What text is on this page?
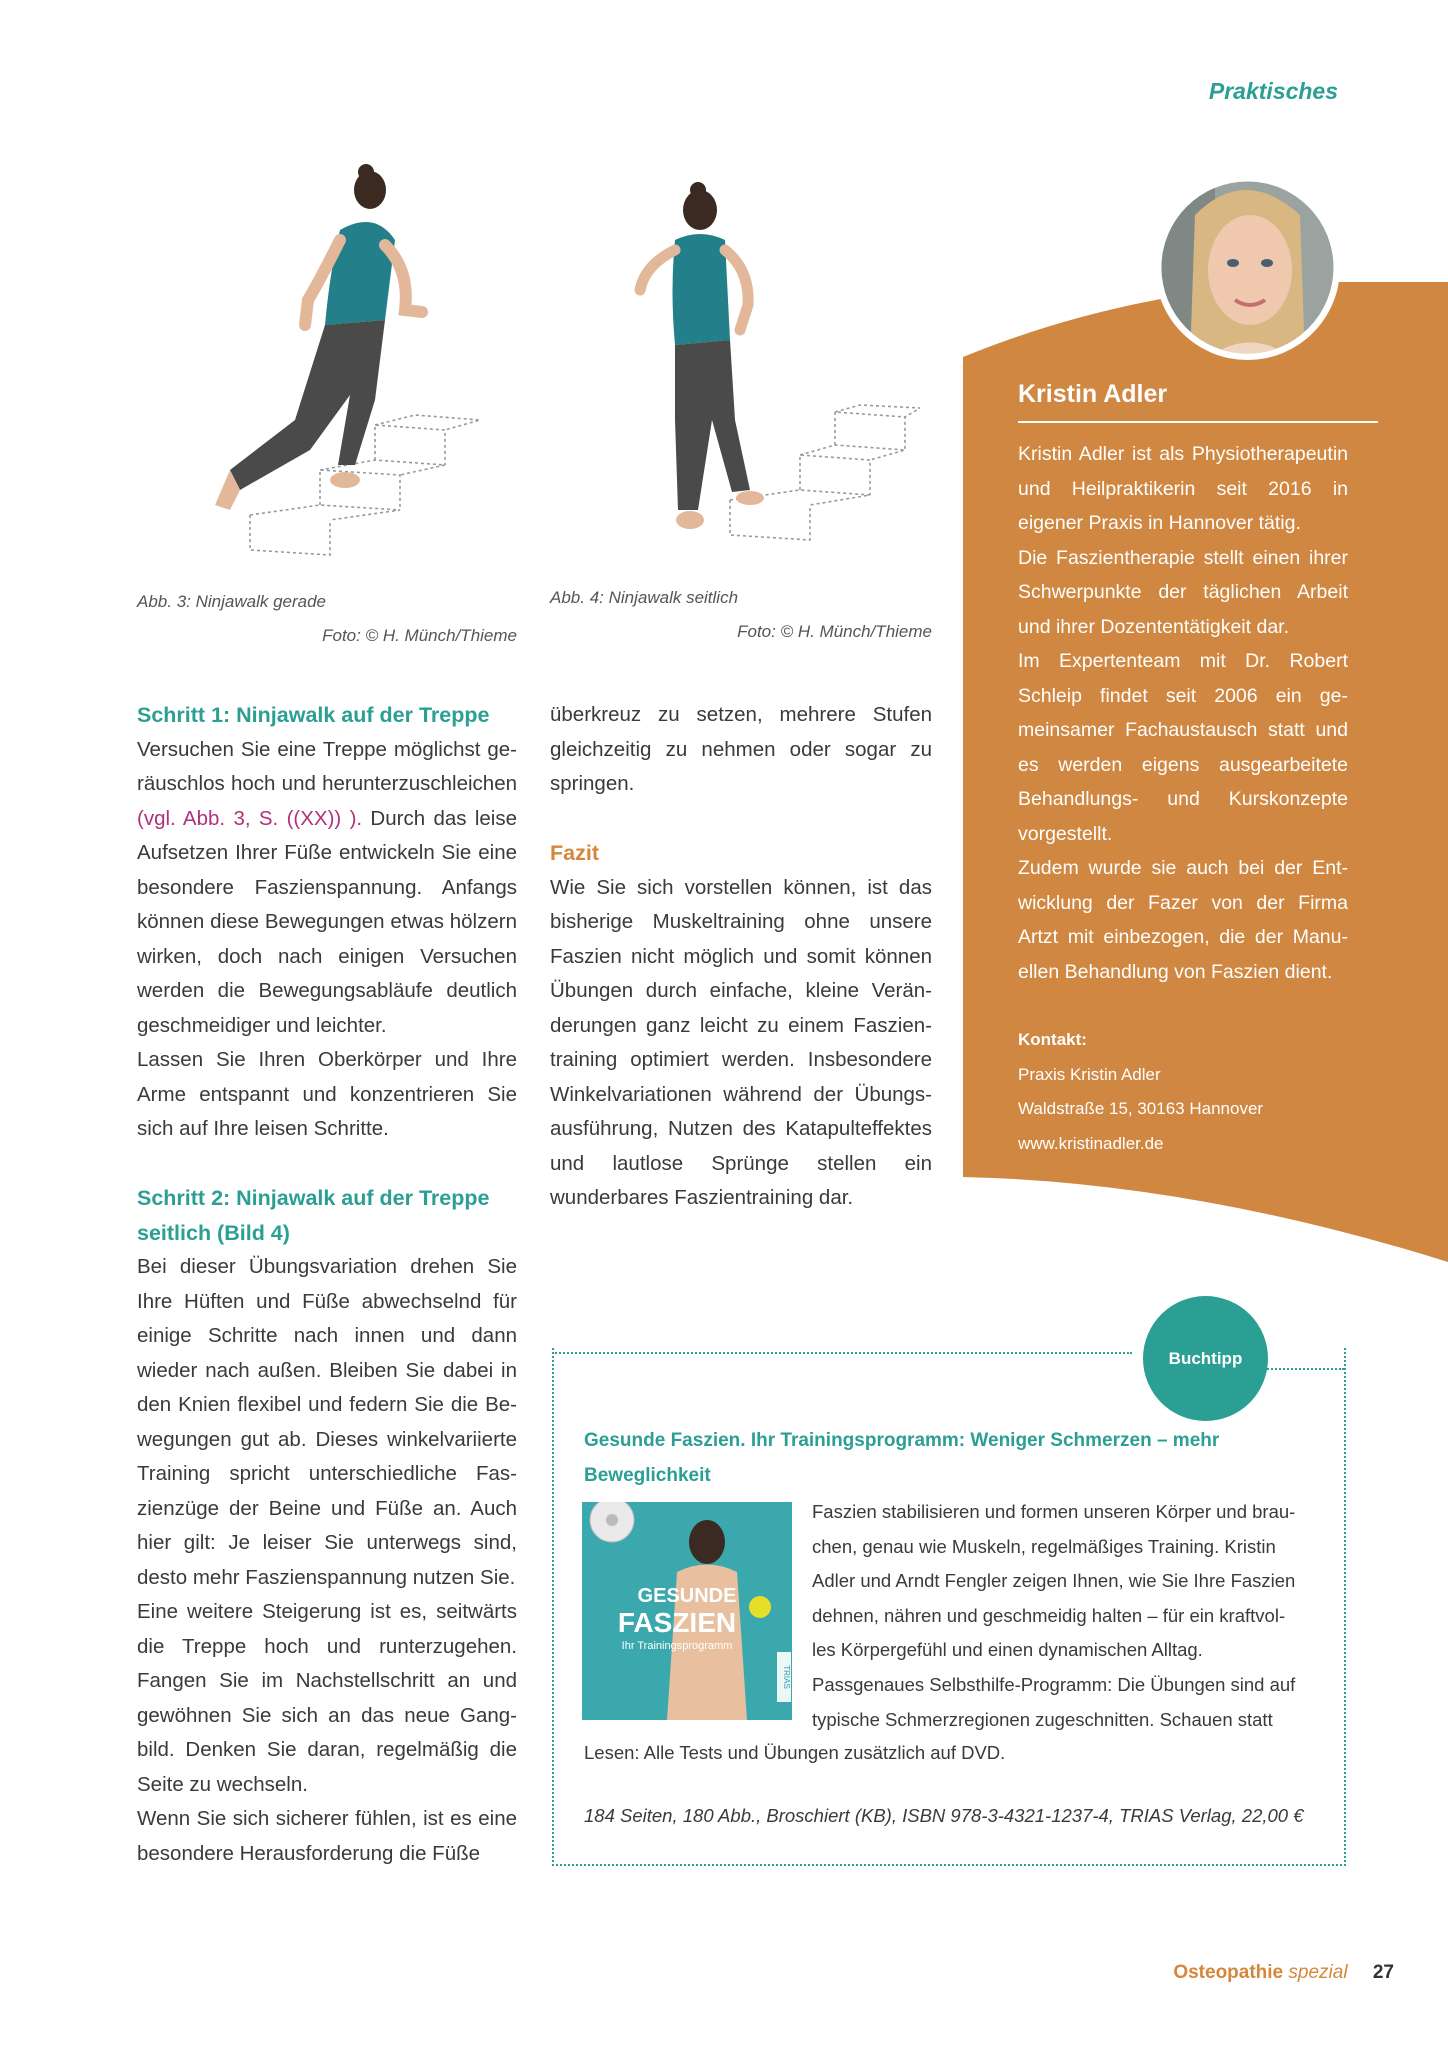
Praktisches
Abb. 3: Ninjawalk gerade
Foto: © H. Münch/Thieme
Abb. 4: Ninjawalk seitlich
Foto: © H. Münch/Thieme
Schritt 1: Ninjawalk auf der Treppe

Versuchen Sie eine Treppe möglichst geräuschlos hoch und herunterzuschleichen (vgl. Abb. 3, S. ((XX)) ). Durch das leise Aufsetzen Ihrer Füße entwickeln Sie eine besondere Faszienspannung. Anfangs können diese Bewegungen etwas hölzern wirken, doch nach einigen Versuchen werden die Bewegungsabläufe deutlich geschmeidiger und leichter.

Lassen Sie Ihren Oberkörper und Ihre Arme entspannt und konzentrieren Sie sich auf Ihre leisen Schritte.

Schritt 2: Ninjawalk auf der Treppe seitlich (Bild 4)

Bei dieser Übungsvariation drehen Sie Ihre Hüften und Füße abwechselnd für einige Schritte nach innen und dann wieder nach außen. Bleiben Sie dabei in den Knien flexibel und federn Sie die Bewegungen gut ab. Dieses winkelvariierte Training spricht unterschiedliche Faszienzüge der Beine und Füße an. Auch hier gilt: Je leiser Sie unterwegs sind, desto mehr Faszienspannung nutzen Sie.

Eine weitere Steigerung ist es, seitwärts die Treppe hoch und runterzugehen. Fangen Sie im Nachstellschritt an und gewöhnen Sie sich an das neue Gangbild. Denken Sie daran, regelmäßig die Seite zu wechseln.

Wenn Sie sich sicherer fühlen, ist es eine besondere Herausforderung die Füße

überkreuz zu setzen, mehrere Stufen gleichzeitig zu nehmen oder sogar zu springen.

Fazit

Wie Sie sich vorstellen können, ist das bisherige Muskeltraining ohne unsere Faszien nicht möglich und somit können Übungen durch einfache, kleine Veränderungen ganz leicht zu einem Faszientraining optimiert werden. Insbesondere Winkelvariationen während der Übungsausführung, Nutzen des Katapulteffektes und lautlose Sprünge stellen ein wunderbares Faszientraining dar.

Kristin Adler
Kristin Adler ist als Physiotherapeutin und Heilpraktikerin seit 2016 in eigener Praxis in Hannover tätig.
Die Faszientherapie stellt einen ihrer Schwerpunkte der täglichen Arbeit und ihrer Dozententätigkeit dar.
Im Expertenteam mit Dr. Robert Schleip findet seit 2006 ein gemeinsamer Fachaustausch statt und es werden eigens ausgearbeitete Behandlungs- und Kurskonzepte vorgestellt.
Zudem wurde sie auch bei der Entwicklung der Fazer von der Firma Artzt mit einbezogen, die der Manuellen Behandlung von Faszien dient.
Kontakt:
Praxis Kristin Adler
Waldstraße 15, 30163 Hannover
www.kristinadler.de
Buchtipp
Gesunde Faszien. Ihr Trainingsprogramm: Weniger Schmerzen – mehr Beweglichkeit
GESUNDE
FASZIEN
Ihr Trainingsprogramm
TRIAS
Faszien stabilisieren und formen unseren Körper und brauchen, genau wie Muskeln, regelmäßiges Training. Kristin Adler und Arndt Fengler zeigen Ihnen, wie Sie Ihre Faszien dehnen, nähren und geschmeidig halten – für ein kraftvolles Körpergefühl und einen dynamischen Alltag.
Passgenaues Selbsthilfe-Programm: Die Übungen sind auf typische Schmerzregionen zugeschnitten. Schauen statt
Lesen: Alle Tests und Übungen zusätzlich auf DVD.
184 Seiten, 180 Abb., Broschiert (KB), ISBN 978-3-4321-1237-4, TRIAS Verlag, 22,00 €
Osteopathie spezial 27
